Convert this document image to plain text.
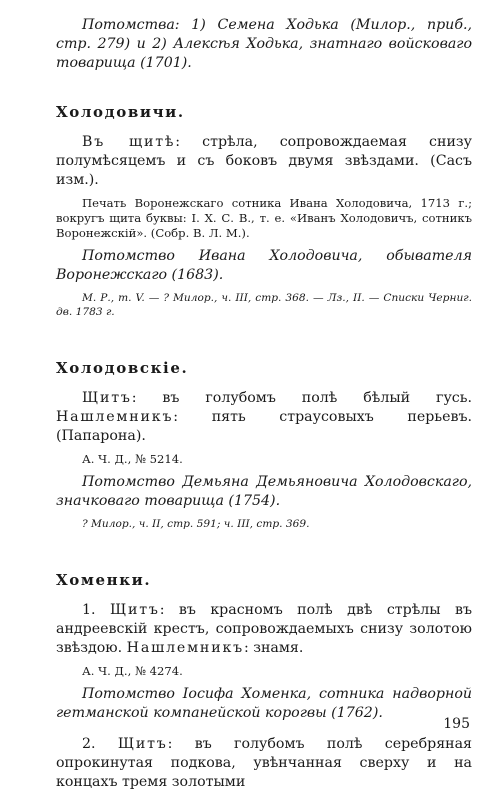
Потомства: 1) Семена Ходька (Милор., приб., стр. 279) и 2) Алексѣя Ходька, знатнаго войсковаго товарища (1701).

Холодовичи.

Въ щитѣ: стрѣла, сопровождаемая снизу полумѣсяцемъ и съ боковъ двумя звѣздами. (Сасъ изм.).

Печать Воронежскаго сотника Ивана Холодовича, 1713 г.; вокругъ щита буквы: I. X. С. В., т. е. «Иванъ Холодовичъ, сотникъ Воронежскій». (Собр. В. Л. М.).

Потомство Ивана Холодовича, обывателя Воронежскаго (1683).

М. Р., т. V. — ? Милор., ч. III, стр. 368. — Лз., II. — Списки Черниг. дв. 1783 г.

Холодовскіе.

Щитъ: въ голубомъ полѣ бѣлый гусь. Нашлемникъ: пять страусовыхъ перьевъ. (Папарона).

А. Ч. Д., № 5214.

Потомство Демьяна Демьяновича Холодовскаго, значковаго товарища (1754).

? Милор., ч. II, стр. 591; ч. III, стр. 369.

Хоменки.

1. Щитъ: въ красномъ полѣ двѣ стрѣлы въ андреевскій крестъ, сопровождаемыхъ снизу золотою звѣздою. Нашлемникъ: знамя.

А. Ч. Д., № 4274.

Потомство Іосифа Хоменка, сотника надворной гетманской компанейской корогвы (1762).

2. Щитъ: въ голубомъ полѣ серебряная опрокинутая подкова, увѣнчанная сверху и на концахъ тремя золотыми

195
